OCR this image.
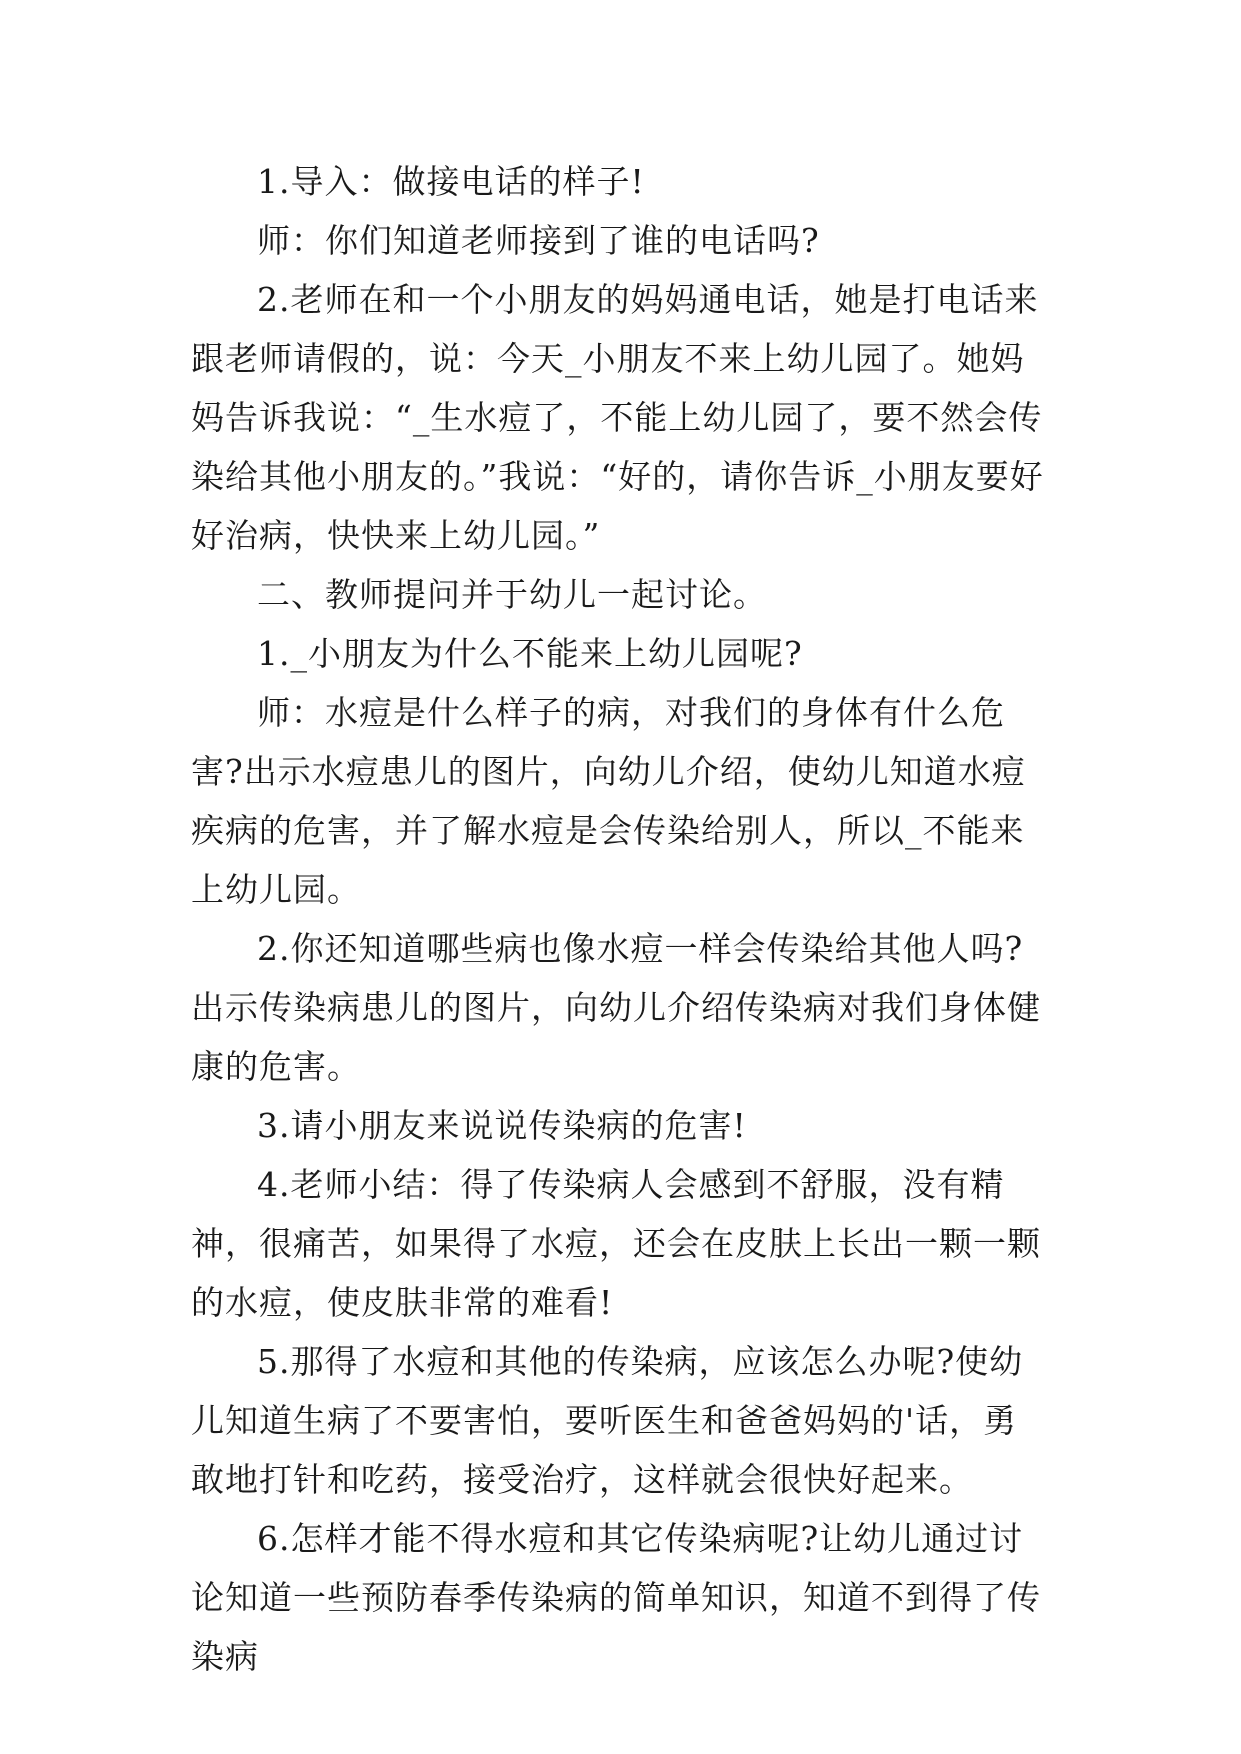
1.导入：做接电话的样子!

师：你们知道老师接到了谁的电话吗?

2.老师在和一个小朋友的妈妈通电话，她是打电话来跟老师请假的，说：今天_小朋友不来上幼儿园了。她妈妈告诉我说：“_生水痘了，不能上幼儿园了，要不然会传染给其他小朋友的。”我说：“好的，请你告诉_小朋友要好好治病，快快来上幼儿园。”

二、教师提问并于幼儿一起讨论。

1._小朋友为什么不能来上幼儿园呢?

师：水痘是什么样子的病，对我们的身体有什么危害?出示水痘患儿的图片，向幼儿介绍，使幼儿知道水痘疾病的危害，并了解水痘是会传染给别人，所以_不能来上幼儿园。

2.你还知道哪些病也像水痘一样会传染给其他人吗?出示传染病患儿的图片，向幼儿介绍传染病对我们身体健康的危害。

3.请小朋友来说说传染病的危害!

4.老师小结：得了传染病人会感到不舒服，没有精神，很痛苦，如果得了水痘，还会在皮肤上长出一颗一颗的水痘，使皮肤非常的难看!

5.那得了水痘和其他的传染病，应该怎么办呢?使幼儿知道生病了不要害怕，要听医生和爸爸妈妈的'话，勇敢地打针和吃药，接受治疗，这样就会很快好起来。

6.怎样才能不得水痘和其它传染病呢?让幼儿通过讨论知道一些预防春季传染病的简单知识，知道不到得了传染病
